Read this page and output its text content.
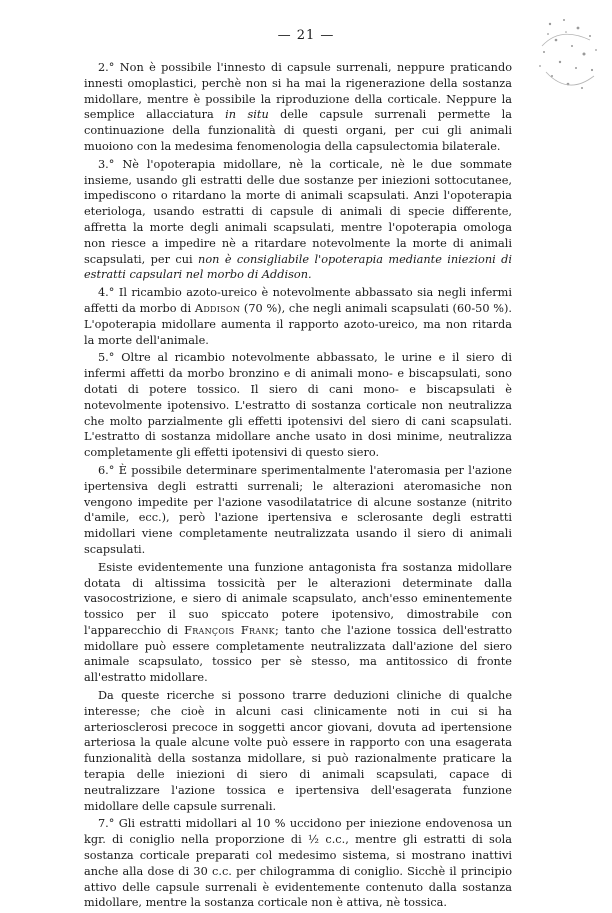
— 21 —

2.° Non è possibile l'innesto di capsule surrenali, neppure praticando innesti omoplastici, perchè non si ha mai la rigenerazione della sostanza midollare, mentre è possibile la riproduzione della corticale. Neppure la semplice allacciatura in situ delle capsule surrenali permette la continuazione della funzionalità di questi organi, per cui gli animali muoiono con la medesima fenomenologia della capsulectomia bilaterale.

3.° Nè l'opoterapia midollare, nè la corticale, nè le due sommate insieme, usando gli estratti delle due sostanze per iniezioni sottocutanee, impediscono o ritardano la morte di animali scapsulati. Anzi l'opoterapia eteriologa, usando estratti di capsule di animali di specie differente, affretta la morte degli animali scapsulati, mentre l'opoterapia omologa non riesce a impedire nè a ritardare notevolmente la morte di animali scapsulati, per cui non è consigliabile l'opoterapia mediante iniezioni di estratti capsulari nel morbo di Addison.

4.° Il ricambio azoto-ureico è notevolmente abbassato sia negli infermi affetti da morbo di Addison (70 %), che negli animali scapsulati (60-50 %). L'opoterapia midollare aumenta il rapporto azoto-ureico, ma non ritarda la morte dell'animale.

5.° Oltre al ricambio notevolmente abbassato, le urine e il siero di infermi affetti da morbo bronzino e di animali mono- e biscapsulati, sono dotati di potere tossico. Il siero di cani mono- e biscapsulati è notevolmente ipotensivo. L'estratto di sostanza corticale non neutralizza che molto parzialmente gli effetti ipotensivi del siero di cani scapsulati. L'estratto di sostanza midollare anche usato in dosi minime, neutralizza completamente gli effetti ipotensivi di questo siero.

6.° È possibile determinare sperimentalmente l'ateromasia per l'azione ipertensiva degli estratti surrenali; le alterazioni ateromasiche non vengono impedite per l'azione vasodilatatrice di alcune sostanze (nitrito d'amile, ecc.), però l'azione ipertensiva e sclerosante degli estratti midollari viene completamente neutralizzata usando il siero di animali scapsulati.

Esiste evidentemente una funzione antagonista fra sostanza midollare dotata di altissima tossicità per le alterazioni determinate dalla vasocostrizione, e siero di animale scapsulato, anch'esso eminentemente tossico per il suo spiccato potere ipotensivo, dimostrabile con l'apparecchio di François Frank; tanto che l'azione tossica dell'estratto midollare può essere completamente neutralizzata dall'azione del siero animale scapsulato, tossico per sè stesso, ma antitossico di fronte all'estratto midollare.

Da queste ricerche si possono trarre deduzioni cliniche di qualche interesse; che cioè in alcuni casi clinicamente noti in cui si ha arteriosclerosi precoce in soggetti ancor giovani, dovuta ad ipertensione arteriosa la quale alcune volte può essere in rapporto con una esagerata funzionalità della sostanza midollare, si può razionalmente praticare la terapia delle iniezioni di siero di animali scapsulati, capace di neutralizzare l'azione tossica e ipertensiva dell'esagerata funzione midollare delle capsule surrenali.

7.° Gli estratti midollari al 10 % uccidono per iniezione endovenosa un kgr. di coniglio nella proporzione di ½ c.c., mentre gli estratti di sola sostanza corticale preparati col medesimo sistema, si mostrano inattivi anche alla dose di 30 c.c. per chilogramma di coniglio. Sicchè il principio attivo delle capsule surrenali è evidentemente contenuto dalla sostanza midollare, mentre la sostanza corticale non è attiva, nè tossica.
